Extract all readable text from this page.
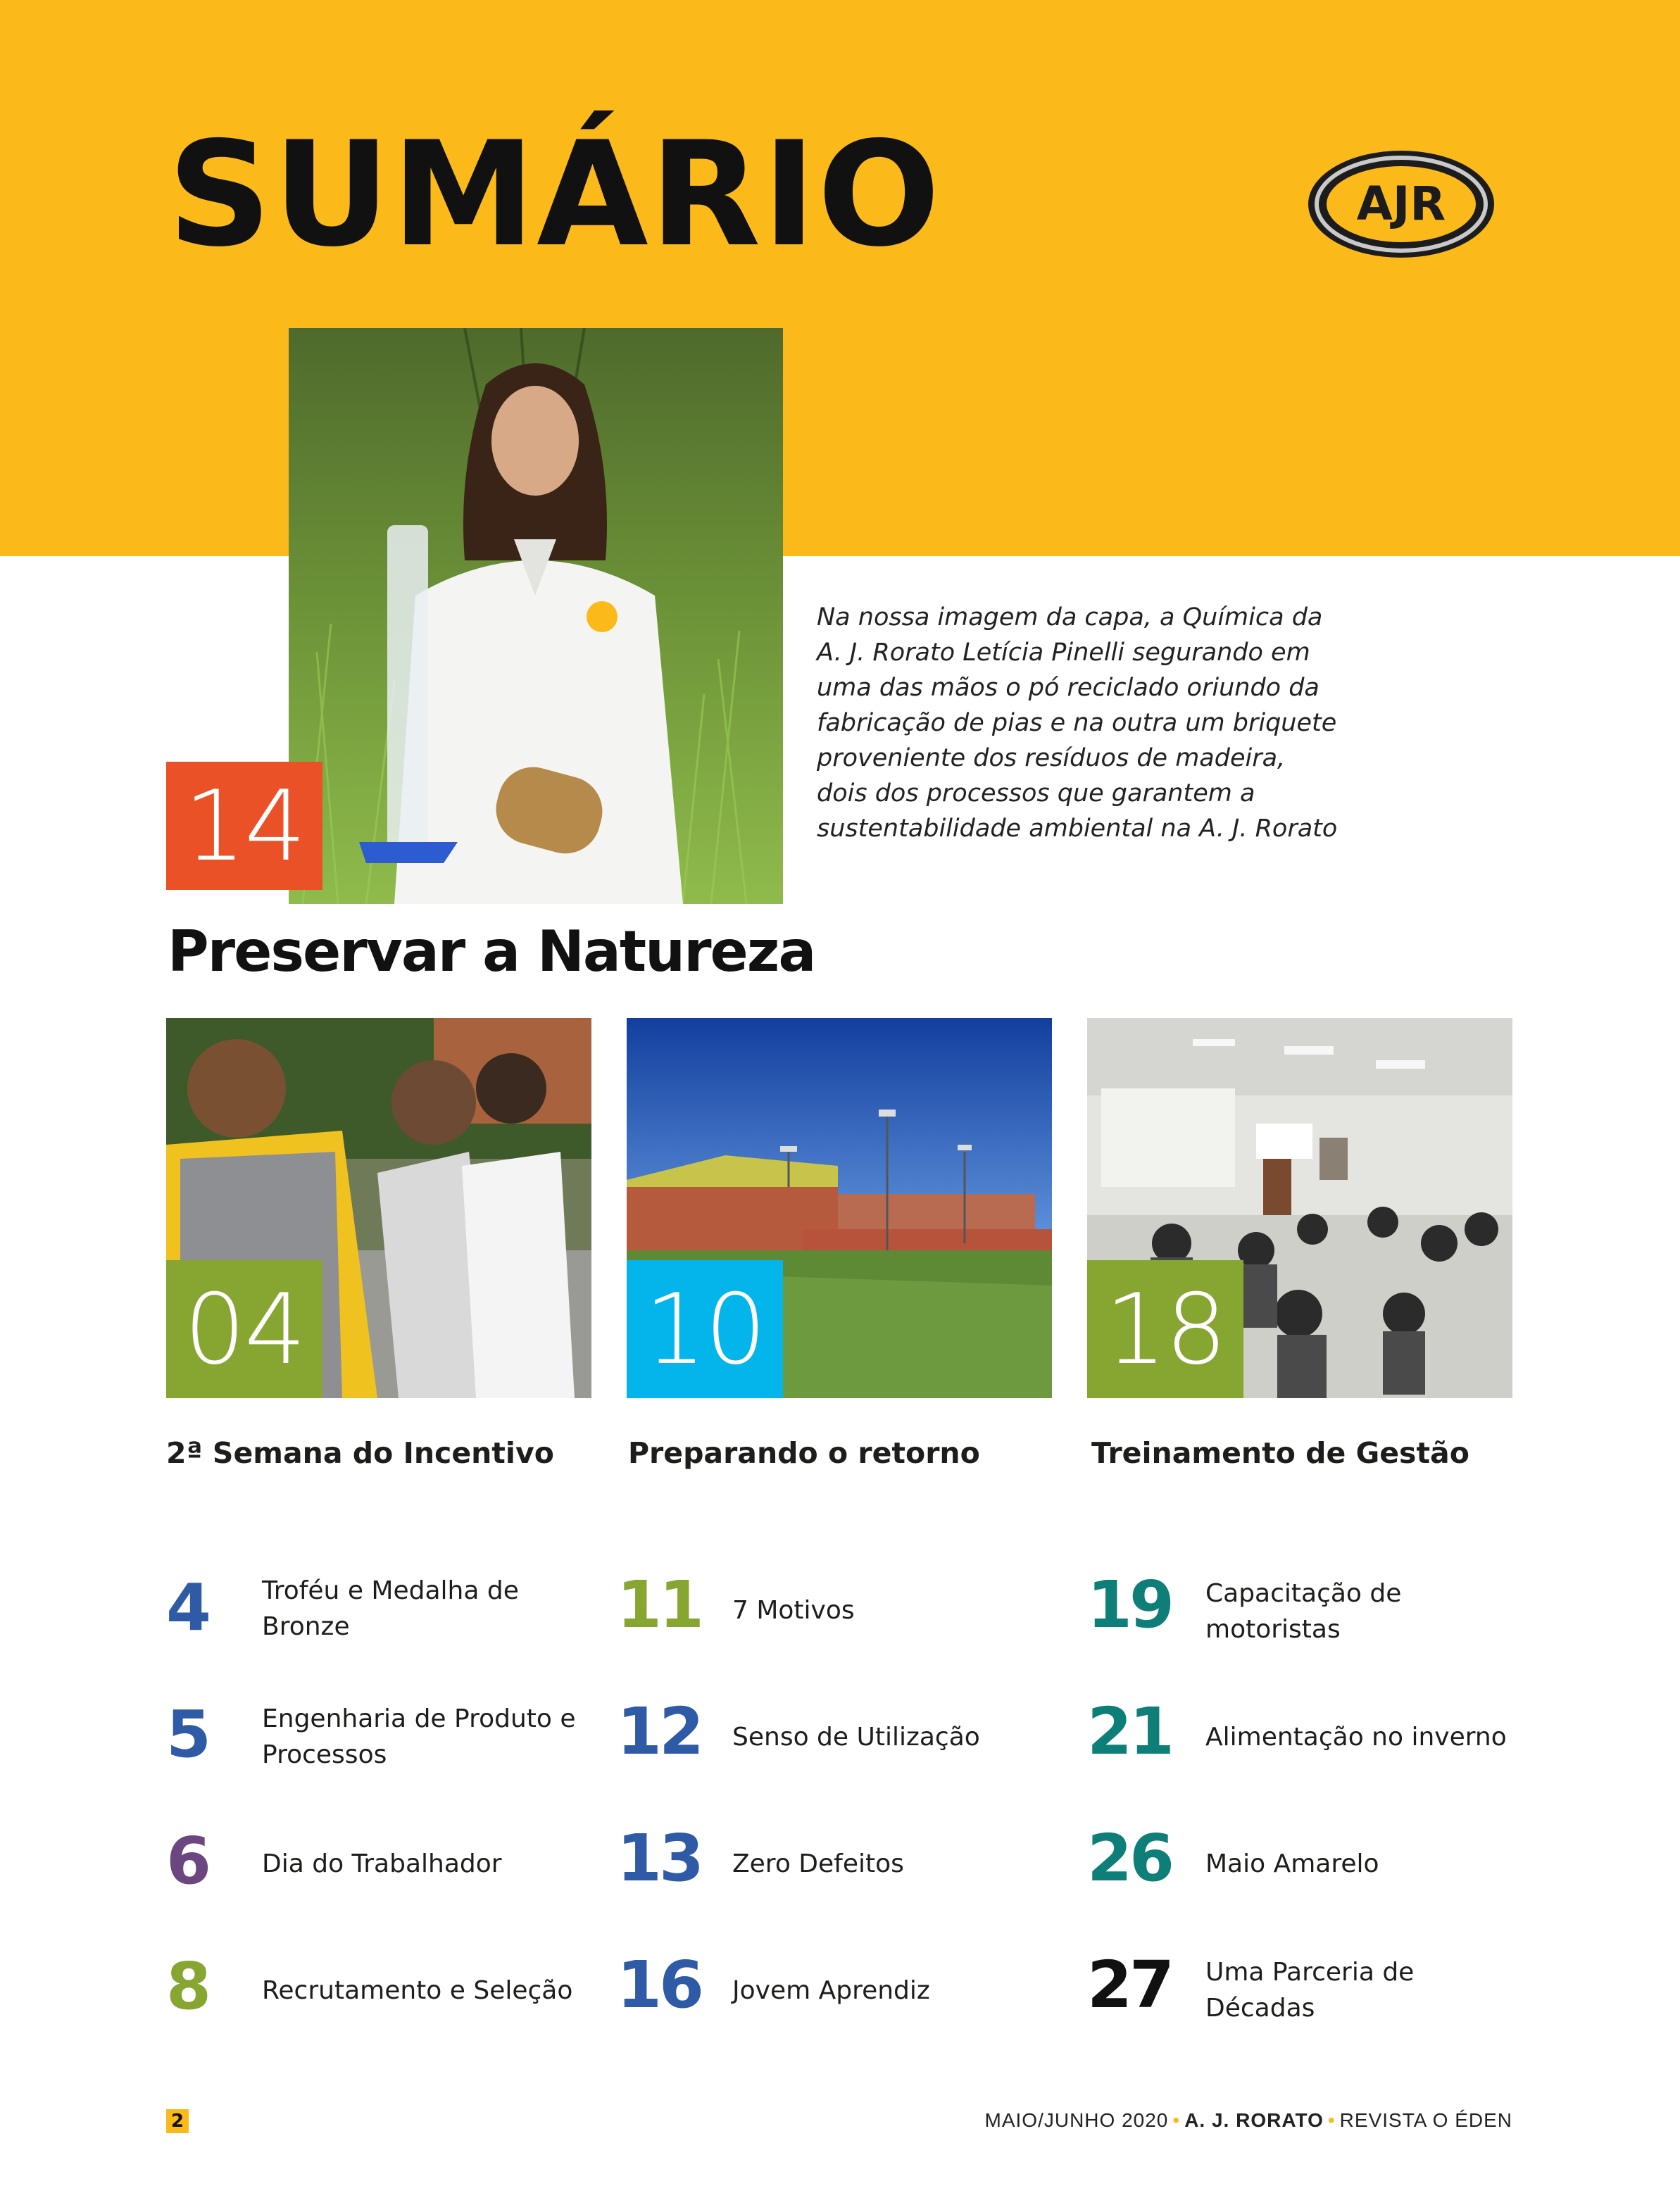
SUMÁRIO	AJR
14

Na nossa imagem da capa, a Química da
A. J. Rorato Letícia Pinelli segurando em
uma das mãos o pó reciclado oriundo da
fabricação de pias e na outra um briquete
proveniente dos resíduos de madeira,
dois dos processos que garantem a
sustentabilidade ambiental na A. J. Rorato

Preservar a Natureza
04
2ª Semana do Incentivo
10
Preparando o retorno
18
Treinamento de Gestão
4 Troféu e Medalha de
Bronze
5 Engenharia de Produto e
Processos
6 Dia do Trabalhador
8 Recrutamento e Seleção
11 7 Motivos
12 Senso de Utilização
13 Zero Defeitos
16 Jovem Aprendiz
19 Capacitação de
motoristas
21 Alimentação no inverno
26 Maio Amarelo
27 Uma Parceria de
Décadas
2	MAIO/JUNHO 2020 • A. J. RORATO • REVISTA O ÉDEN
